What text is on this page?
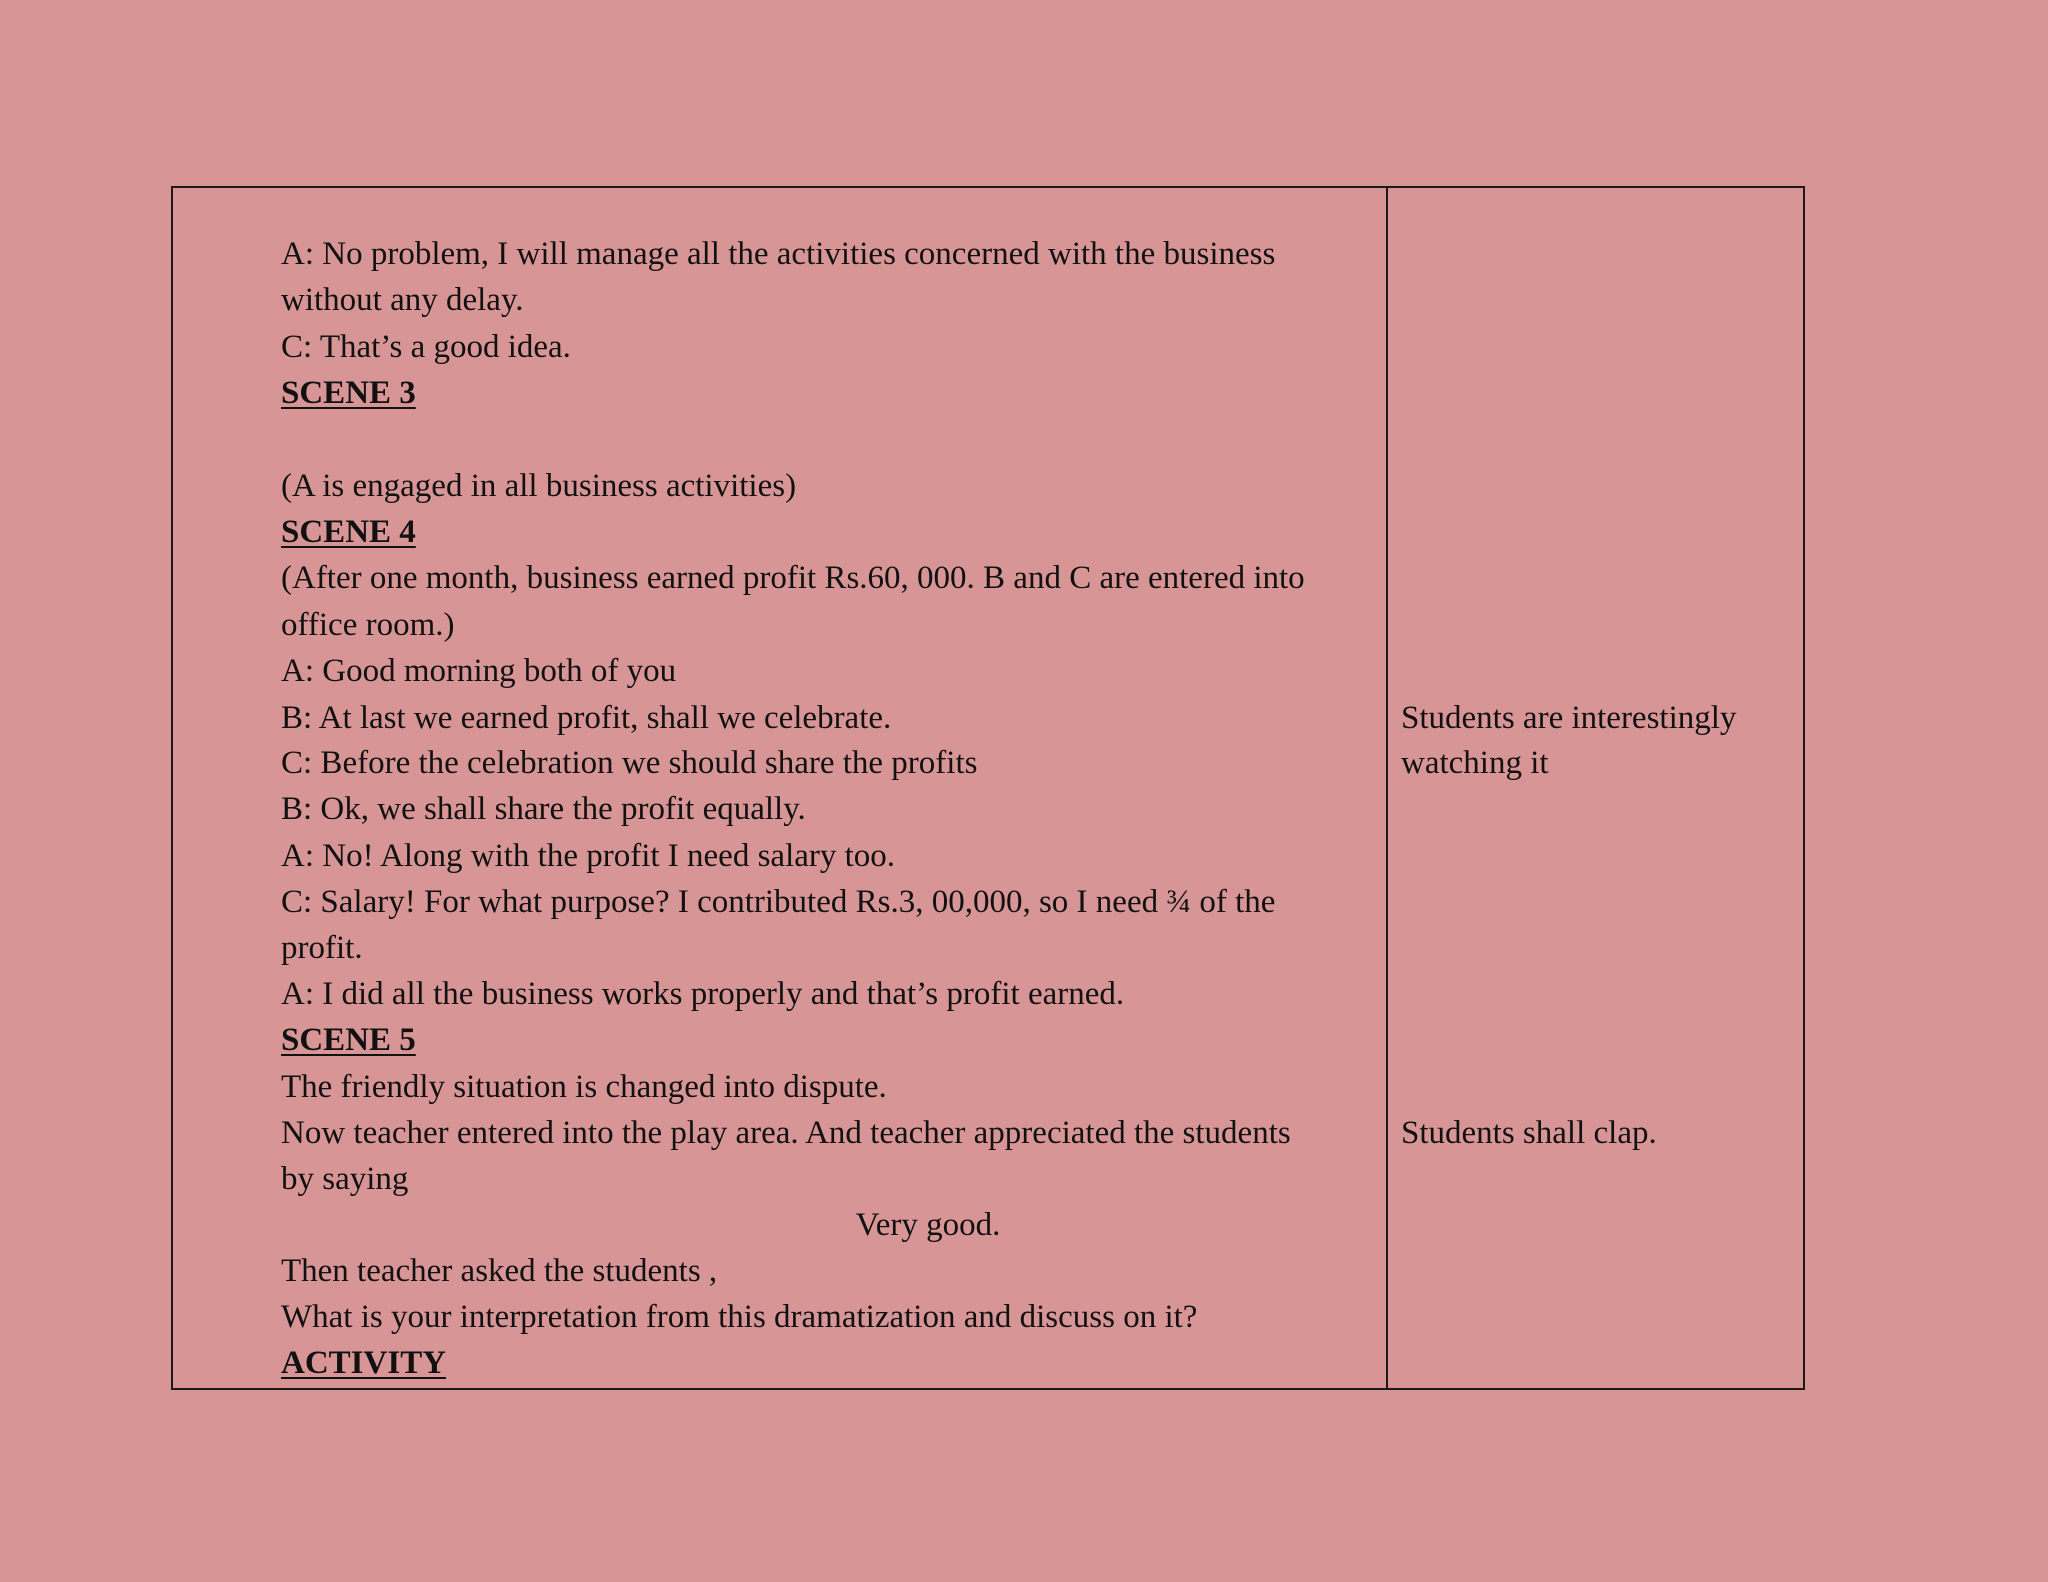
A: No problem, I will manage all the activities concerned with the business

without any delay.

C: That’s a good idea.

SCENE 3

(A is engaged in all business activities)

SCENE 4

(After one month, business earned profit Rs.60, 000. B and C are entered into

office room.)

A: Good morning both of you

B: At last we earned profit, shall we celebrate.

C: Before the celebration we should share the profits

B: Ok, we shall share the profit equally.

A: No! Along with the profit I need salary too.

C: Salary! For what purpose? I contributed Rs.3, 00,000, so I need ¾ of the

profit.

A: I did all the business works properly and that’s profit earned.

SCENE 5

The friendly situation is changed into dispute.

Now teacher entered into the play area. And teacher appreciated the students

by saying

Very good.

Then teacher asked the students ,

What is your interpretation from this dramatization and discuss on it?

ACTIVITY

Students are interestingly

watching it

Students shall clap.
